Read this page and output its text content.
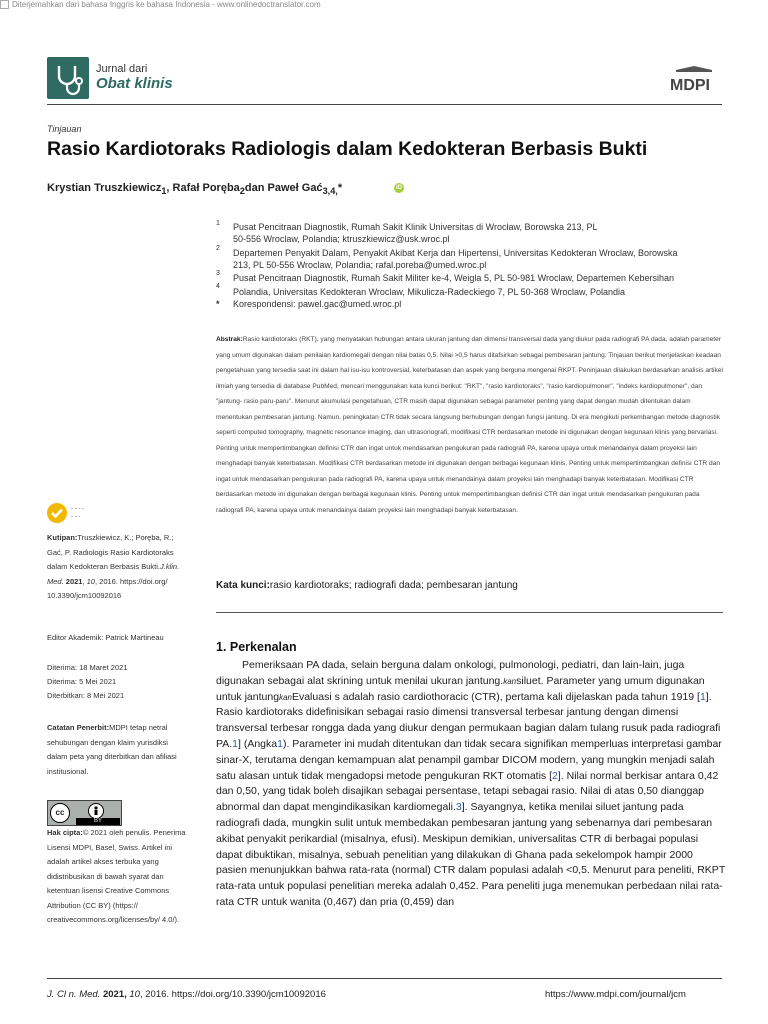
Diterjemahkan dari bahasa Inggris ke bahasa Indonesia - www.onlinedoctranslator.com
Jurnal dari
Obat klinis	MDPI
Tinjauan
Rasio Kardiotoraks Radiologis dalam Kedokteran Berbasis Bukti
Krystian Truszkiewicz$_1$, Rafał Poręba$_2$dan Paweł Gać$_{3,4,}$*	iD
1 Pusat Pencitraan Diagnostik, Rumah Sakit Klinik Universitas di Wrocław, Borowska 213, PL
50-556 Wroclaw, Polandia; ktruszkiewicz@usk.wroc.pl
2 Departemen Penyakit Dalam, Penyakit Akibat Kerja dan Hipertensi, Universitas Kedokteran Wroclaw, Borowska
213, PL 50-556 Wroclaw, Polandia; rafal.poreba@umed.wroc.pl
3 Pusat Pencitraan Diagnostik, Rumah Sakit Militer ke-4, Weigla 5, PL 50-981 Wroclaw, Departemen Kebersihan
4
Polandia, Universitas Kedokteran Wroclaw, Mikulicza-Radeckiego 7, PL 50-368 Wroclaw, Polandia
* Korespondensi: pawel.gac@umed.wroc.pl
Abstrak:Rasio kardiotoraks (RKT), yang menyatakan hubungan antara ukuran jantung dan dimensi transversal dada yang diukur pada radiografi PA dada, adalah parameter yang umum digunakan dalam penilaian kardiomegali dengan nilai batas 0,5. Nilai >0,5 harus ditafsirkan sebagai pembesaran jantung. Tinjauan berikut menjelaskan keadaan pengetahuan yang tersedia saat ini dalam hal isu-isu kontroversial, keterbatasan dan aspek yang berguna mengenai RKPT. Peninjauan dilakukan berdasarkan analisis artikel ilmiah yang tersedia di database PubMed, mencari menggunakan kata kunci berikut: "RKT", "rasio kardiotoraks", "rasio kardiopulmoner", "indeks kardiopulmoner", dan "jantung- rasio paru-paru". Menurut akumulasi pengetahuan, CTR masih dapat digunakan sebagai parameter penting yang dapat dengan mudah ditentukan dalam menentukan pembesaran jantung. Namun, peningkatan CTR tidak secara langsung berhubungan dengan fungsi jantung. Di era mengikuti perkembangan metode diagnostik seperti computed tomography, magnetic resonance imaging, dan ultrasonografi, modifikasi CTR berdasarkan metode ini digunakan dengan kegunaan klinis yang bervariasi. Penting untuk mempertimbangkan definisi CTR dan ingat untuk mendasarkan pengukuran pada radiografi PA, karena upaya untuk menandainya dalam proyeksi lain menghadapi banyak keterbatasan. Modifikasi CTR berdasarkan metode ini digunakan dengan berbagai kegunaan klinis. Penting untuk mempertimbangkan definisi CTR dan ingat untuk mendasarkan pengukuran pada radiografi PA, karena upaya untuk menandainya dalam proyeksi lain menghadapi banyak keterbatasan. Modifikasi CTR berdasarkan metode ini digunakan dengan berbagai kegunaan klinis. Penting untuk mempertimbangkan definisi CTR dan ingat untuk mendasarkan pengukuran pada radiografi PA, karena upaya untuk menandainya dalam proyeksi lain menghadapi banyak keterbatasan.
Kata kunci:rasio kardiotoraks; radiografi dada; pembesaran jantung
- - - -
- - -
Kutipan:Truszkiewicz, K.; Poręba, R.; Gać, P. Radiologis Rasio Kardiotoraks dalam Kedokteran Berbasis Bukti.J.klin. Med. 2021, 10, 2016. https://doi.org/ 10.3390/jcm10092016
Editor Akademik: Patrick Martineau
Diterima: 18 Maret 2021
Diterima: 5 Mei 2021
Diterbitkan: 8 Mei 2021
Catatan Penerbit:MDPI tetap netral sehubungan dengan klaim yurisdiksi dalam peta yang diterbitkan dan afiliasi institusional.
cc
BY
Hak cipta:© 2021 oleh penulis. Penerima Lisensi MDPI, Basel, Swiss. Artikel ini adalah artikel akses terbuka yang didistribusikan di bawah syarat dan ketentuan lisensi Creative Commons Attribution (CC BY) (https:// creativecommons.org/licenses/by/ 4.0/).
1. Perkenalan
Pemeriksaan PA dada, selain berguna dalam onkologi, pulmonologi, pediatri, dan lain-lain, juga digunakan sebagai alat skrining untuk menilai ukuran jantung.kansiluet. Parameter yang umum digunakan untuk jantungkanEvaluasi s adalah rasio cardiothoracic (CTR), pertama kali dijelaskan pada tahun 1919 [1]. Rasio kardiotoraks didefinisikan sebagai rasio dimensi transversal terbesar jantung dengan dimensi transversal terbesar rongga dada yang diukur dengan permukaan bagian dalam tulang rusuk pada radiografi PA.1] (Angka1). Parameter ini mudah ditentukan dan tidak secara signifikan memperluas interpretasi gambar sinar-X, terutama dengan kemampuan alat penampil gambar DICOM modern, yang mungkin menjadi salah satu alasan untuk tidak mengadopsi metode pengukuran RKT otomatis [2]. Nilai normal berkisar antara 0,42 dan 0,50, yang tidak boleh disajikan sebagai persentase, tetapi sebagai rasio. Nilai di atas 0,50 dianggap abnormal dan dapat mengindikasikan kardiomegali.3]. Sayangnya, ketika menilai siluet jantung pada radiografi dada, mungkin sulit untuk membedakan pembesaran jantung yang sebenarnya dari pembesaran akibat penyakit perikardial (misalnya, efusi). Meskipun demikian, universalitas CTR di berbagai populasi dapat dibuktikan, misalnya, sebuah penelitian yang dilakukan di Ghana pada sekelompok hampir 2000 pasien menunjukkan bahwa rata-rata (normal) CTR dalam populasi adalah <0,5. Menurut para peneliti, RKPT rata-rata untuk populasi penelitian mereka adalah 0,452. Para peneliti juga menemukan perbedaan nilai rata-rata CTR untuk wanita (0,467) dan pria (0,459) dan
J. Cl n. Med. 2021, 10, 2016. https://doi.org/10.3390/jcm10092016	https://www.mdpi.com/journal/jcm
